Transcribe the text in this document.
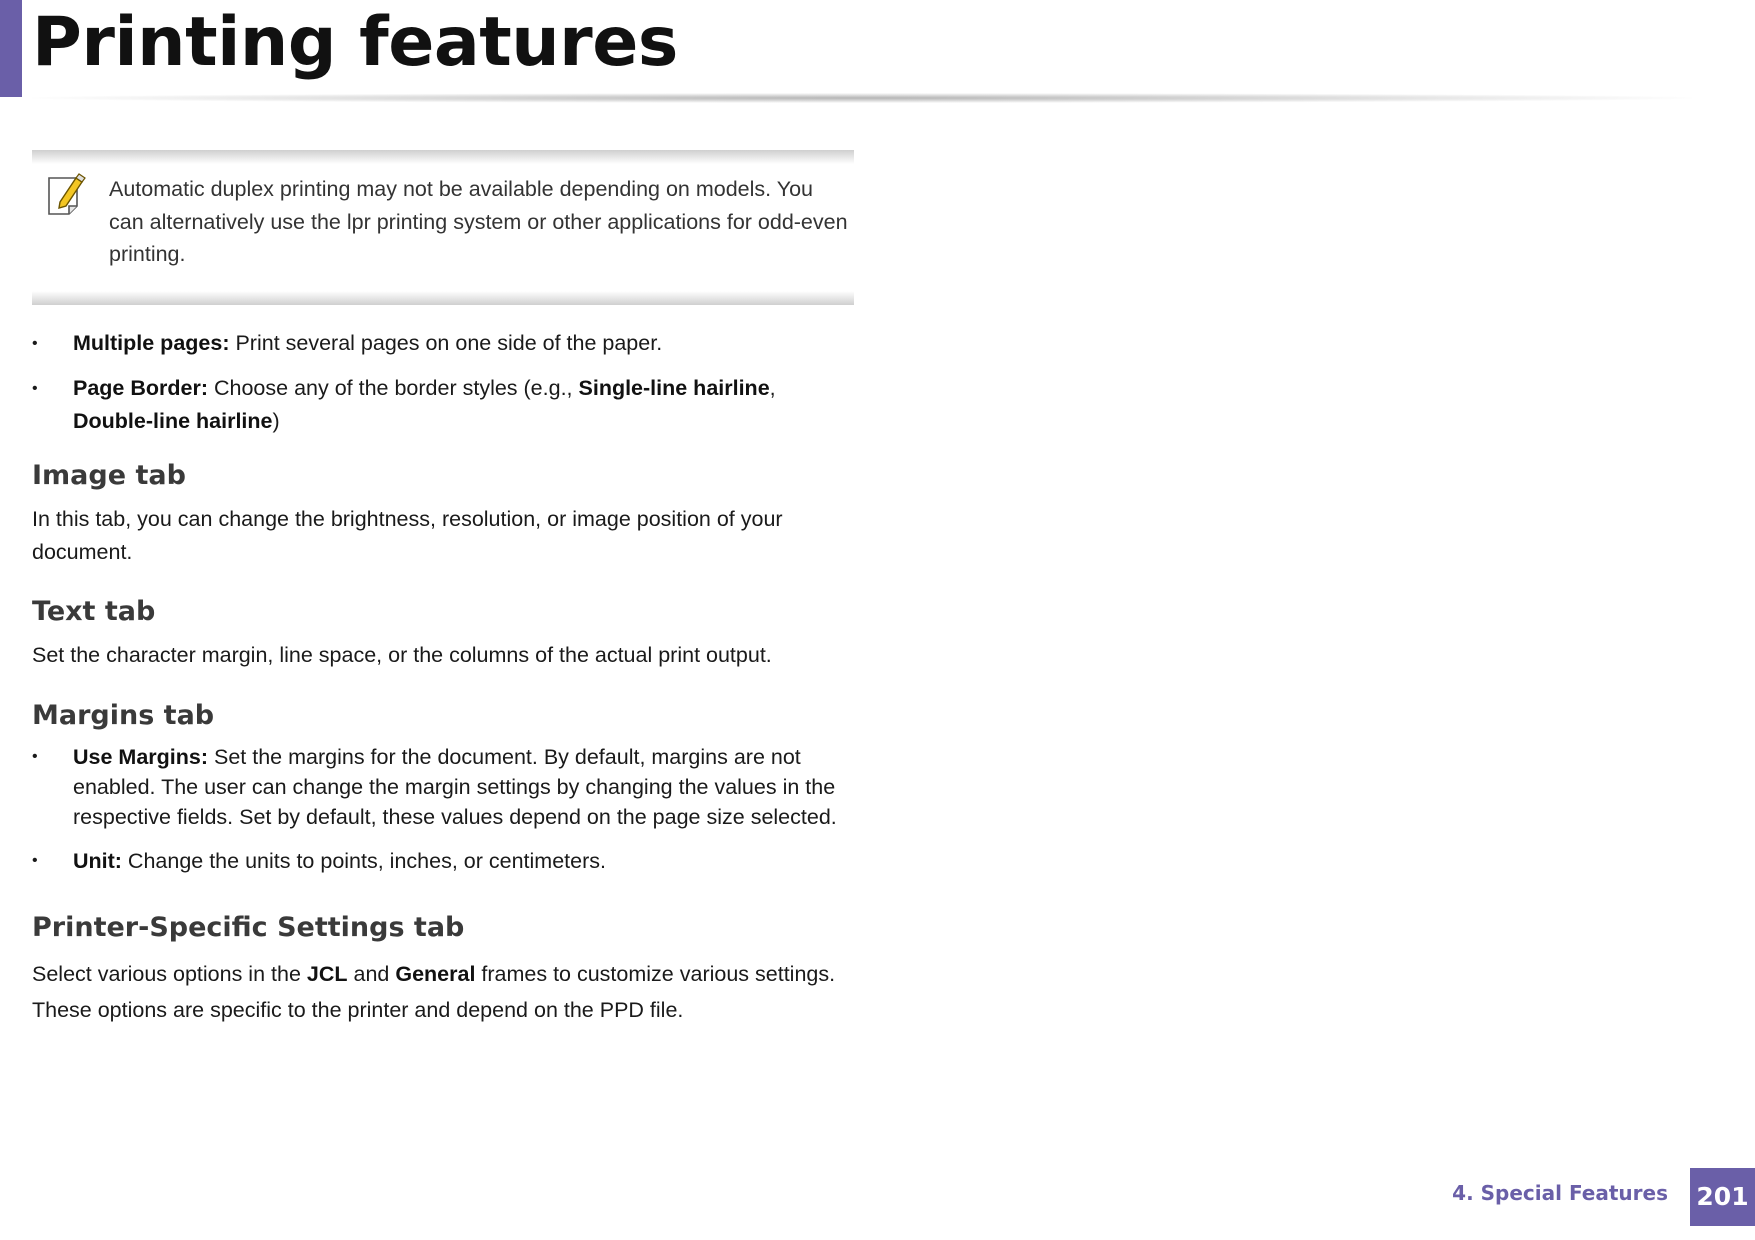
Printing features
Automatic duplex printing may not be available depending on models. You can alternatively use the lpr printing system or other applications for odd-even printing.
• Multiple pages: Print several pages on one side of the paper.
• Page Border: Choose any of the border styles (e.g., Single-line hairline, Double-line hairline)
Image tab

In this tab, you can change the brightness, resolution, or image position of your document.

Text tab

Set the character margin, line space, or the columns of the actual print output.

Margins tab
• Use Margins: Set the margins for the document. By default, margins are not enabled. The user can change the margin settings by changing the values in the respective fields. Set by default, these values depend on the page size selected.
• Unit: Change the units to points, inches, or centimeters.
Printer-Specific Settings tab

Select various options in the JCL and General frames to customize various settings.

These options are specific to the printer and depend on the PPD file.

4. Special Features 201
